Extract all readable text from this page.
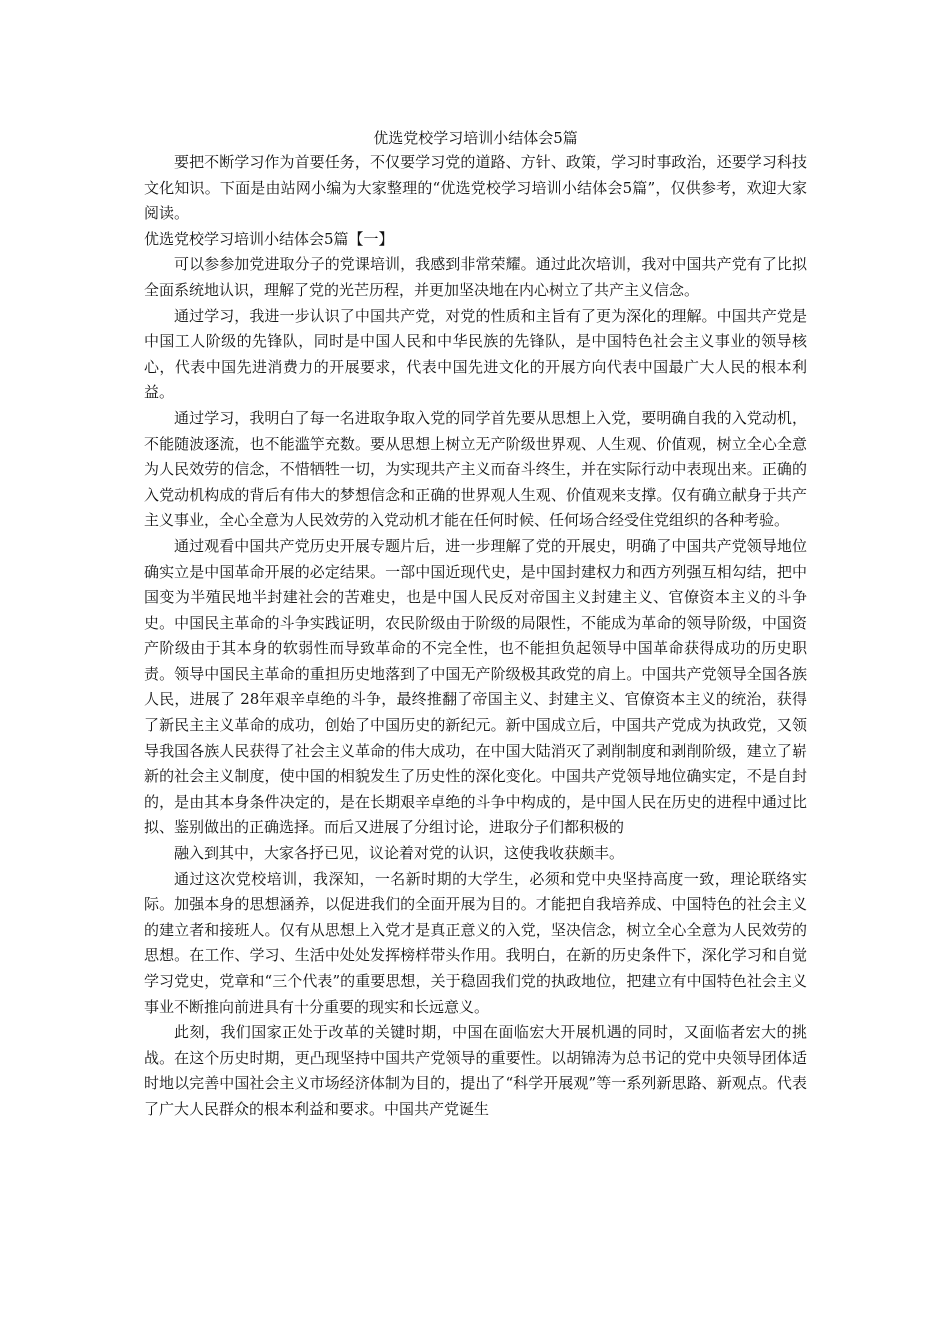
优选党校学习培训小结体会5篇

要把不断学习作为首要任务，不仅要学习党的道路、方针、政策，学习时事政治，还要学习科技文化知识。下面是由站网小编为大家整理的“优选党校学习培训小结体会5篇”，仅供参考，欢迎大家阅读。

优选党校学习培训小结体会5篇【一】

可以参参加党进取分子的党课培训，我感到非常荣耀。通过此次培训，我对中国共产党有了比拟全面系统地认识，理解了党的光芒历程，并更加坚决地在内心树立了共产主义信念。

通过学习，我进一步认识了中国共产党，对党的性质和主旨有了更为深化的理解。中国共产党是中国工人阶级的先锋队，同时是中国人民和中华民族的先锋队，是中国特色社会主义事业的领导核心，代表中国先进消费力的开展要求，代表中国先进文化的开展方向代表中国最广大人民的根本利益。

通过学习，我明白了每一名进取争取入党的同学首先要从思想上入党，要明确自我的入党动机，不能随波逐流，也不能滥竽充数。要从思想上树立无产阶级世界观、人生观、价值观，树立全心全意为人民效劳的信念，不惜牺牲一切，为实现共产主义而奋斗终生，并在实际行动中表现出来。正确的入党动机构成的背后有伟大的梦想信念和正确的世界观人生观、价值观来支撑。仅有确立献身于共产主义事业，全心全意为人民效劳的入党动机才能在任何时候、任何场合经受住党组织的各种考验。

通过观看中国共产党历史开展专题片后，进一步理解了党的开展史，明确了中国共产党领导地位确实立是中国革命开展的必定结果。一部中国近现代史，是中国封建权力和西方列强互相勾结，把中国变为半殖民地半封建社会的苦难史，也是中国人民反对帝国主义封建主义、官僚资本主义的斗争史。中国民主革命的斗争实践证明，农民阶级由于阶级的局限性，不能成为革命的领导阶级，中国资产阶级由于其本身的软弱性而导致革命的不完全性，也不能担负起领导中国革命获得成功的历史职责。领导中国民主革命的重担历史地落到了中国无产阶级极其政党的肩上。中国共产党领导全国各族人民，进展了 28年艰辛卓绝的斗争，最终推翻了帝国主义、封建主义、官僚资本主义的统治，获得了新民主主义革命的成功，创始了中国历史的新纪元。新中国成立后，中国共产党成为执政党，又领导我国各族人民获得了社会主义革命的伟大成功，在中国大陆消灭了剥削制度和剥削阶级，建立了崭新的社会主义制度，使中国的相貌发生了历史性的深化变化。中国共产党领导地位确实定，不是自封的，是由其本身条件决定的，是在长期艰辛卓绝的斗争中构成的，是中国人民在历史的进程中通过比拟、鉴别做出的正确选择。而后又进展了分组讨论，进取分子们都积极的

融入到其中，大家各抒已见，议论着对党的认识，这使我收获颇丰。

通过这次党校培训，我深知，一名新时期的大学生，必须和党中央坚持高度一致，理论联络实际。加强本身的思想涵养，以促进我们的全面开展为目的。才能把自我培养成、中国特色的社会主义的建立者和接班人。仅有从思想上入党才是真正意义的入党，坚决信念，树立全心全意为人民效劳的思想。在工作、学习、生活中处处发挥榜样带头作用。我明白，在新的历史条件下，深化学习和自觉学习党史，党章和“三个代表”的重要思想，关于稳固我们党的执政地位，把建立有中国特色社会主义事业不断推向前进具有十分重要的现实和长远意义。

此刻，我们国家正处于改革的关键时期，中国在面临宏大开展机遇的同时，又面临者宏大的挑战。在这个历史时期，更凸现坚持中国共产党领导的重要性。以胡锦涛为总书记的党中央领导团体适时地以完善中国社会主义市场经济体制为目的，提出了“科学开展观”等一系列新思路、新观点。代表了广大人民群众的根本利益和要求。中国共产党诞生
